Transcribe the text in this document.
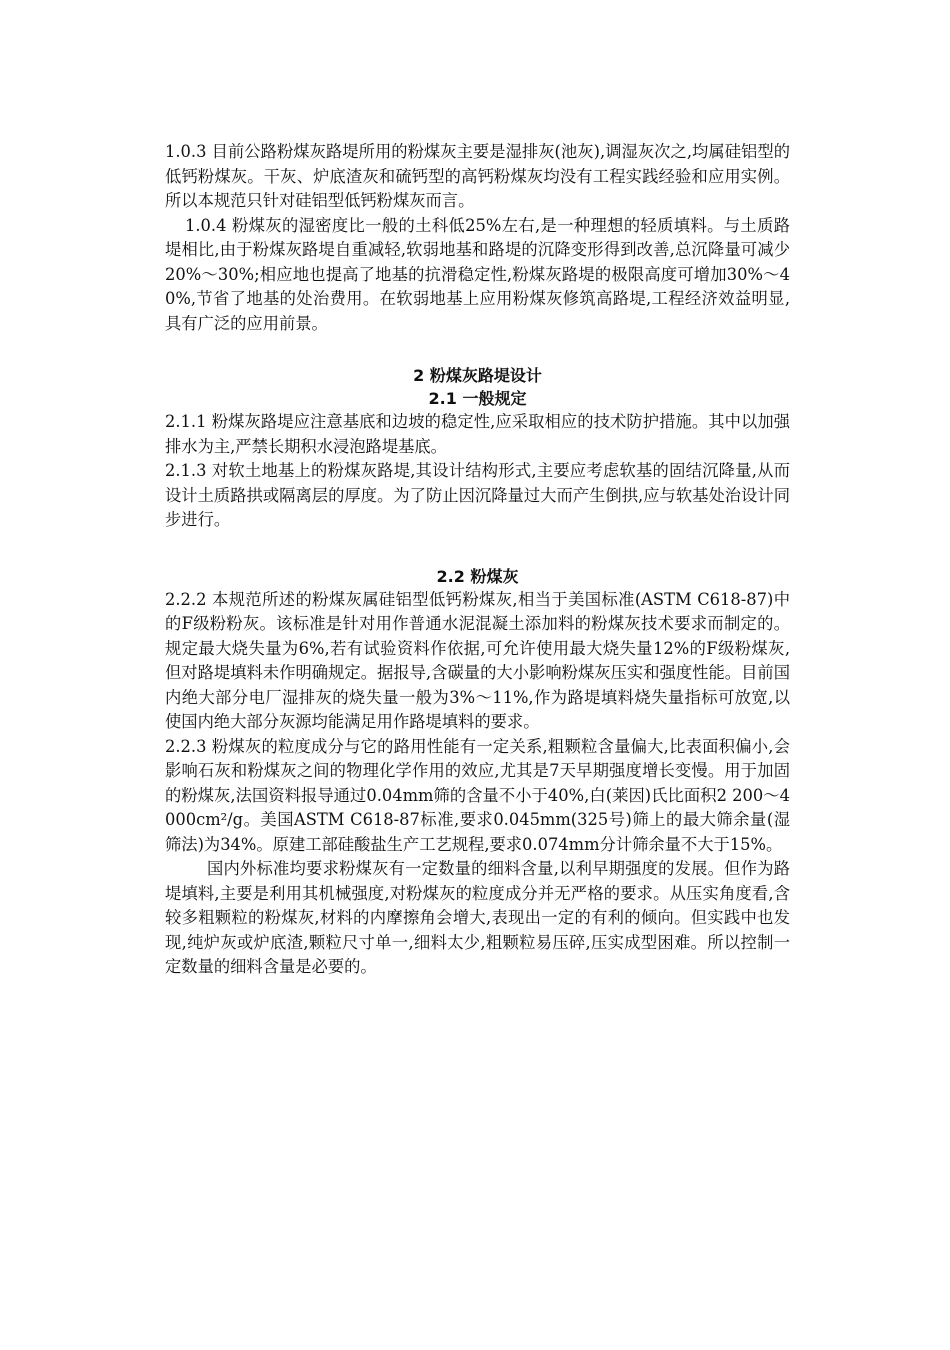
1.0.3 目前公路粉煤灰路堤所用的粉煤灰主要是湿排灰(池灰),调湿灰次之,均属硅铝型的低钙粉煤灰。干灰、炉底渣灰和硫钙型的高钙粉煤灰均没有工程实践经验和应用实例。所以本规范只针对硅铝型低钙粉煤灰而言。

1.0.4 粉煤灰的湿密度比一般的土科低25%左右,是一种理想的轻质填料。与土质路堤相比,由于粉煤灰路堤自重减轻,软弱地基和路堤的沉降变形得到改善,总沉降量可减少20%～30%;相应地也提高了地基的抗滑稳定性,粉煤灰路堤的极限高度可增加30%～40%,节省了地基的处治费用。在软弱地基上应用粉煤灰修筑高路堤,工程经济效益明显,具有广泛的应用前景。

2 粉煤灰路堤设计

2.1 一般规定

2.1.1 粉煤灰路堤应注意基底和边坡的稳定性,应采取相应的技术防护措施。其中以加强排水为主,严禁长期积水浸泡路堤基底。

2.1.3 对软土地基上的粉煤灰路堤,其设计结构形式,主要应考虑软基的固结沉降量,从而设计土质路拱或隔离层的厚度。为了防止因沉降量过大而产生倒拱,应与软基处治设计同步进行。

2.2 粉煤灰

2.2.2 本规范所述的粉煤灰属硅铝型低钙粉煤灰,相当于美国标准(ASTM C618-87)中的F级粉粉灰。该标准是针对用作普通水泥混凝土添加料的粉煤灰技术要求而制定的。规定最大烧失量为6%,若有试验资料作依据,可允许使用最大烧失量12%的F级粉煤灰,但对路堤填料未作明确规定。据报导,含碳量的大小影响粉煤灰压实和强度性能。目前国内绝大部分电厂湿排灰的烧失量一般为3%～11%,作为路堤填料烧失量指标可放宽,以使国内绝大部分灰源均能满足用作路堤填料的要求。

2.2.3 粉煤灰的粒度成分与它的路用性能有一定关系,粗颗粒含量偏大,比表面积偏小,会影响石灰和粉煤灰之间的物理化学作用的效应,尤其是7天早期强度增长变慢。用于加固的粉煤灰,法国资料报导通过0.04mm筛的含量不小于40%,白(莱因)氏比面积2 200～4 000cm²/g。美国ASTM C618-87标准,要求0.045mm(325号)筛上的最大筛余量(湿筛法)为34%。原建工部硅酸盐生产工艺规程,要求0.074mm分计筛余量不大于15%。

国内外标准均要求粉煤灰有一定数量的细料含量,以利早期强度的发展。但作为路堤填料,主要是利用其机械强度,对粉煤灰的粒度成分并无严格的要求。从压实角度看,含较多粗颗粒的粉煤灰,材料的内摩擦角会增大,表现出一定的有利的倾向。但实践中也发现,纯炉灰或炉底渣,颗粒尺寸单一,细料太少,粗颗粒易压碎,压实成型困难。所以控制一定数量的细料含量是必要的。
